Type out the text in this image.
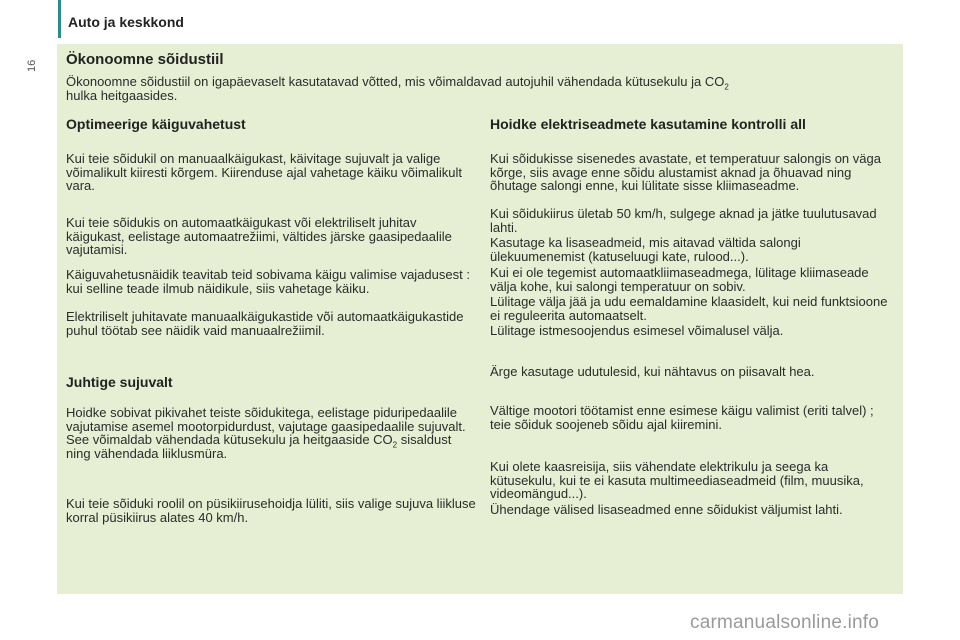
Auto ja keskkond
16 Ökonoomne sõidustiil
Ökonoomne sõidustiil on igapäevaselt kasutatavad võtted, mis võimaldavad autojuhil vähendada kütusekulu ja $CO_2$
hulka heitgaasides.
Optimeerige käiguvahetust
Kui teie sõidukil on manuaalkäigukast, käivitage sujuvalt ja valige võimalikult kiiresti kõrgem. Kiirenduse ajal vahetage käiku võimalikult vara.
Kui teie sõidukis on automaatkäigukast või elektriliselt juhitav käigukast, eelistage automaatrežiimi, vältides järske gaasipedaalile vajutamisi.
Käiguvahetusnäidik teavitab teid sobivama käigu valimise vajadusest : kui selline teade ilmub näidikule, siis vahetage käiku.
Elektriliselt juhitavate manuaalkäigukastide või automaatkäigukastide puhul töötab see näidik vaid manuaalrežiimil.
Juhtige sujuvalt
Hoidke sobivat pikivahet teiste sõidukitega, eelistage piduripedaalile vajutamise asemel mootorpidurdust, vajutage gaasipedaalile sujuvalt. See võimaldab vähendada kütusekulu ja heitgaaside $CO_2$ sisaldust ning vähendada liiklusmüra.
Kui teie sõiduki roolil on püsikiirusehoidja lüliti, siis valige sujuva liikluse korral püsikiirus alates 40 km/h.
Hoidke elektriseadmete kasutamine kontrolli all
Kui sõidukisse sisenedes avastate, et temperatuur salongis on väga kõrge, siis avage enne sõidu alustamist aknad ja õhuavad ning õhutage salongi enne, kui lülitate sisse kliimaseadme.
Kui sõidukiirus ületab 50 km/h, sulgege aknad ja jätke tuulutusavad lahti.
Kasutage ka lisaseadmeid, mis aitavad vältida salongi ülekuumenemist (katuseluugi kate, rulood...).
Kui ei ole tegemist automaatkliimaseadmega, lülitage kliimaseade välja kohe, kui salongi temperatuur on sobiv.
Lülitage välja jää ja udu eemaldamine klaasidelt, kui neid funktsioone ei reguleerita automaatselt.
Lülitage istmesoojendus esimesel võimalusel välja.
Ärge kasutage udutulesid, kui nähtavus on piisavalt hea.
Vältige mootori töötamist enne esimese käigu valimist (eriti talvel) ; teie sõiduk soojeneb sõidu ajal kiiremini.
Kui olete kaasreisija, siis vähendate elektrikulu ja seega ka kütusekulu, kui te ei kasuta multimeediaseadmeid (film, muusika, videomängud...).
Ühendage välised lisaseadmed enne sõidukist väljumist lahti.
carmanualsonline.info
